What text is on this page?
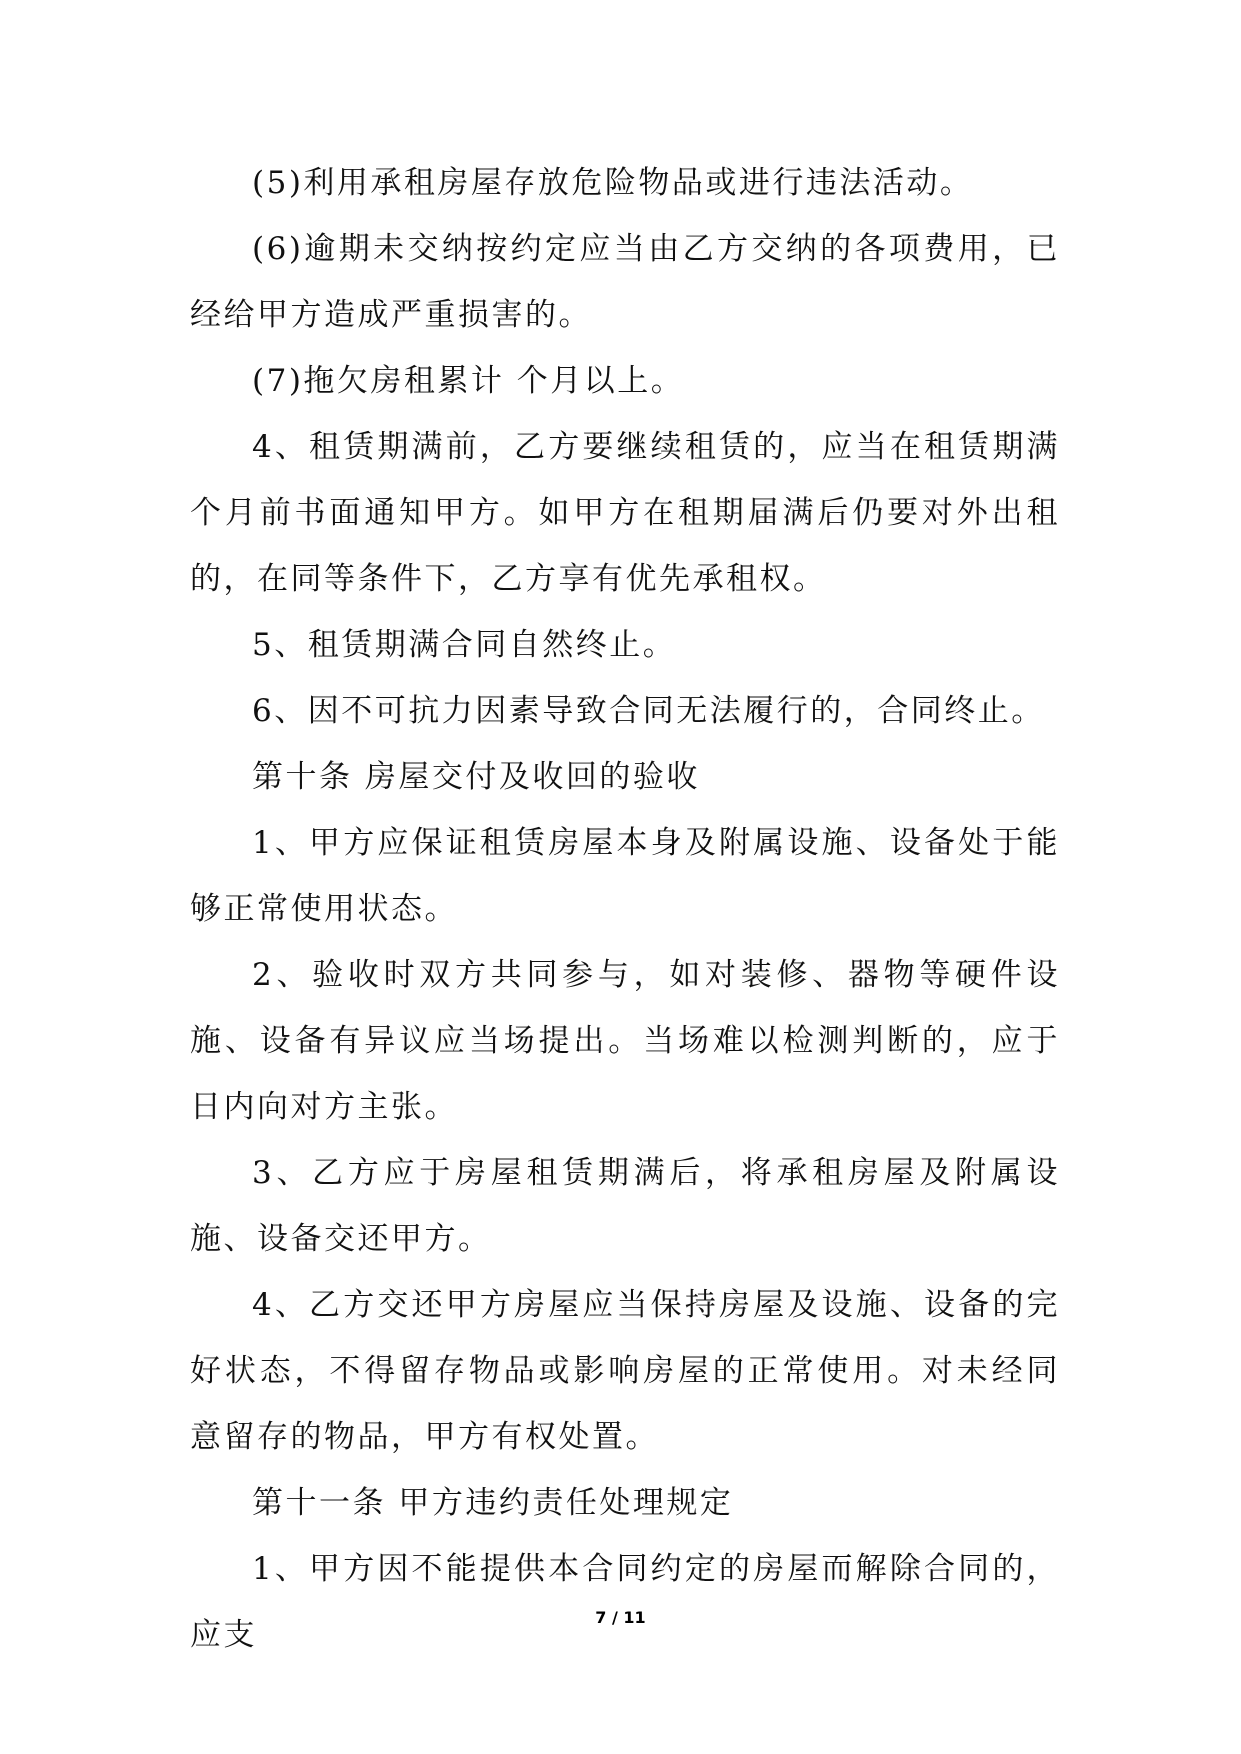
(5)利用承租房屋存放危险物品或进行违法活动。

(6)逾期未交纳按约定应当由乙方交纳的各项费用，已经给甲方造成严重损害的。

(7)拖欠房租累计 个月以上。

4、租赁期满前，乙方要继续租赁的，应当在租赁期满 个月前书面通知甲方。如甲方在租期届满后仍要对外出租的，在同等条件下，乙方享有优先承租权。

5、租赁期满合同自然终止。

6、因不可抗力因素导致合同无法履行的，合同终止。

第十条 房屋交付及收回的验收

1、甲方应保证租赁房屋本身及附属设施、设备处于能够正常使用状态。

2、验收时双方共同参与，如对装修、器物等硬件设施、设备有异议应当场提出。当场难以检测判断的，应于 日内向对方主张。

3、乙方应于房屋租赁期满后，将承租房屋及附属设施、设备交还甲方。

4、乙方交还甲方房屋应当保持房屋及设施、设备的完好状态，不得留存物品或影响房屋的正常使用。对未经同意留存的物品，甲方有权处置。

第十一条 甲方违约责任处理规定

1、甲方因不能提供本合同约定的房屋而解除合同的，应支	7 / 11
